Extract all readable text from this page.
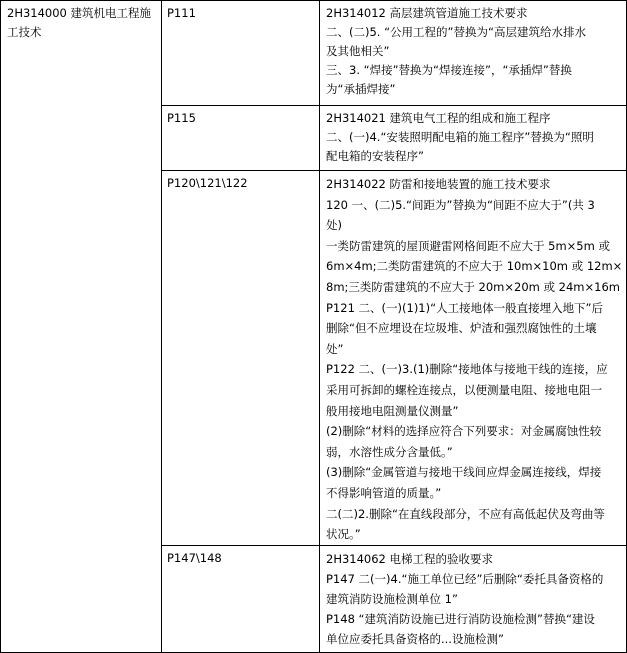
2H314000 建筑机电工程施
工技术
P111
P115
P120\121\122
P147\148
2H314012 高层建筑管道施工技术要求
二、(二)5. “公用工程的”替换为“高层建筑给水排水
及其他相关”
三、3. “焊接”替换为“焊接连接”，“承插焊”替换
为“承插焊接”
2H314021 建筑电气工程的组成和施工程序
二、(一)4.“安装照明配电箱的施工程序”替换为“照明
配电箱的安装程序”
2H314022 防雷和接地装置的施工技术要求
120 一、(二)5.“间距为”替换为“间距不应大于”(共 3
处)
一类防雷建筑的屋顶避雷网格间距不应大于 5m×5m 或
6m×4m;二类防雷建筑的不应大于 10m×10m 或 12m×
8m;三类防雷建筑的不应大于 20m×20m 或 24m×16m
P121 二、(一)(1)1)“人工接地体一般直接埋入地下”后
删除“但不应埋设在垃圾堆、炉渣和强烈腐蚀性的土壤
处”
P122 二、(一)3.(1)删除“接地体与接地干线的连接，应
采用可拆卸的螺栓连接点，以便测量电阻、接地电阻一
般用接地电阻测量仪测量”
(2)删除“材料的选择应符合下列要求：对金属腐蚀性较
弱，水溶性成分含量低。”
(3)删除“金属管道与接地干线间应焊金属连接线，焊接
不得影响管道的质量。”
二(二)2.删除“在直线段部分，不应有高低起伏及弯曲等
状况。”
2H314062 电梯工程的验收要求
P147 二(一)4.“施工单位已经”后删除“委托具备资格的
建筑消防设施检测单位 1”
P148 “建筑消防设施已进行消防设施检测”替换“建设
单位应委托具备资格的...设施检测”
